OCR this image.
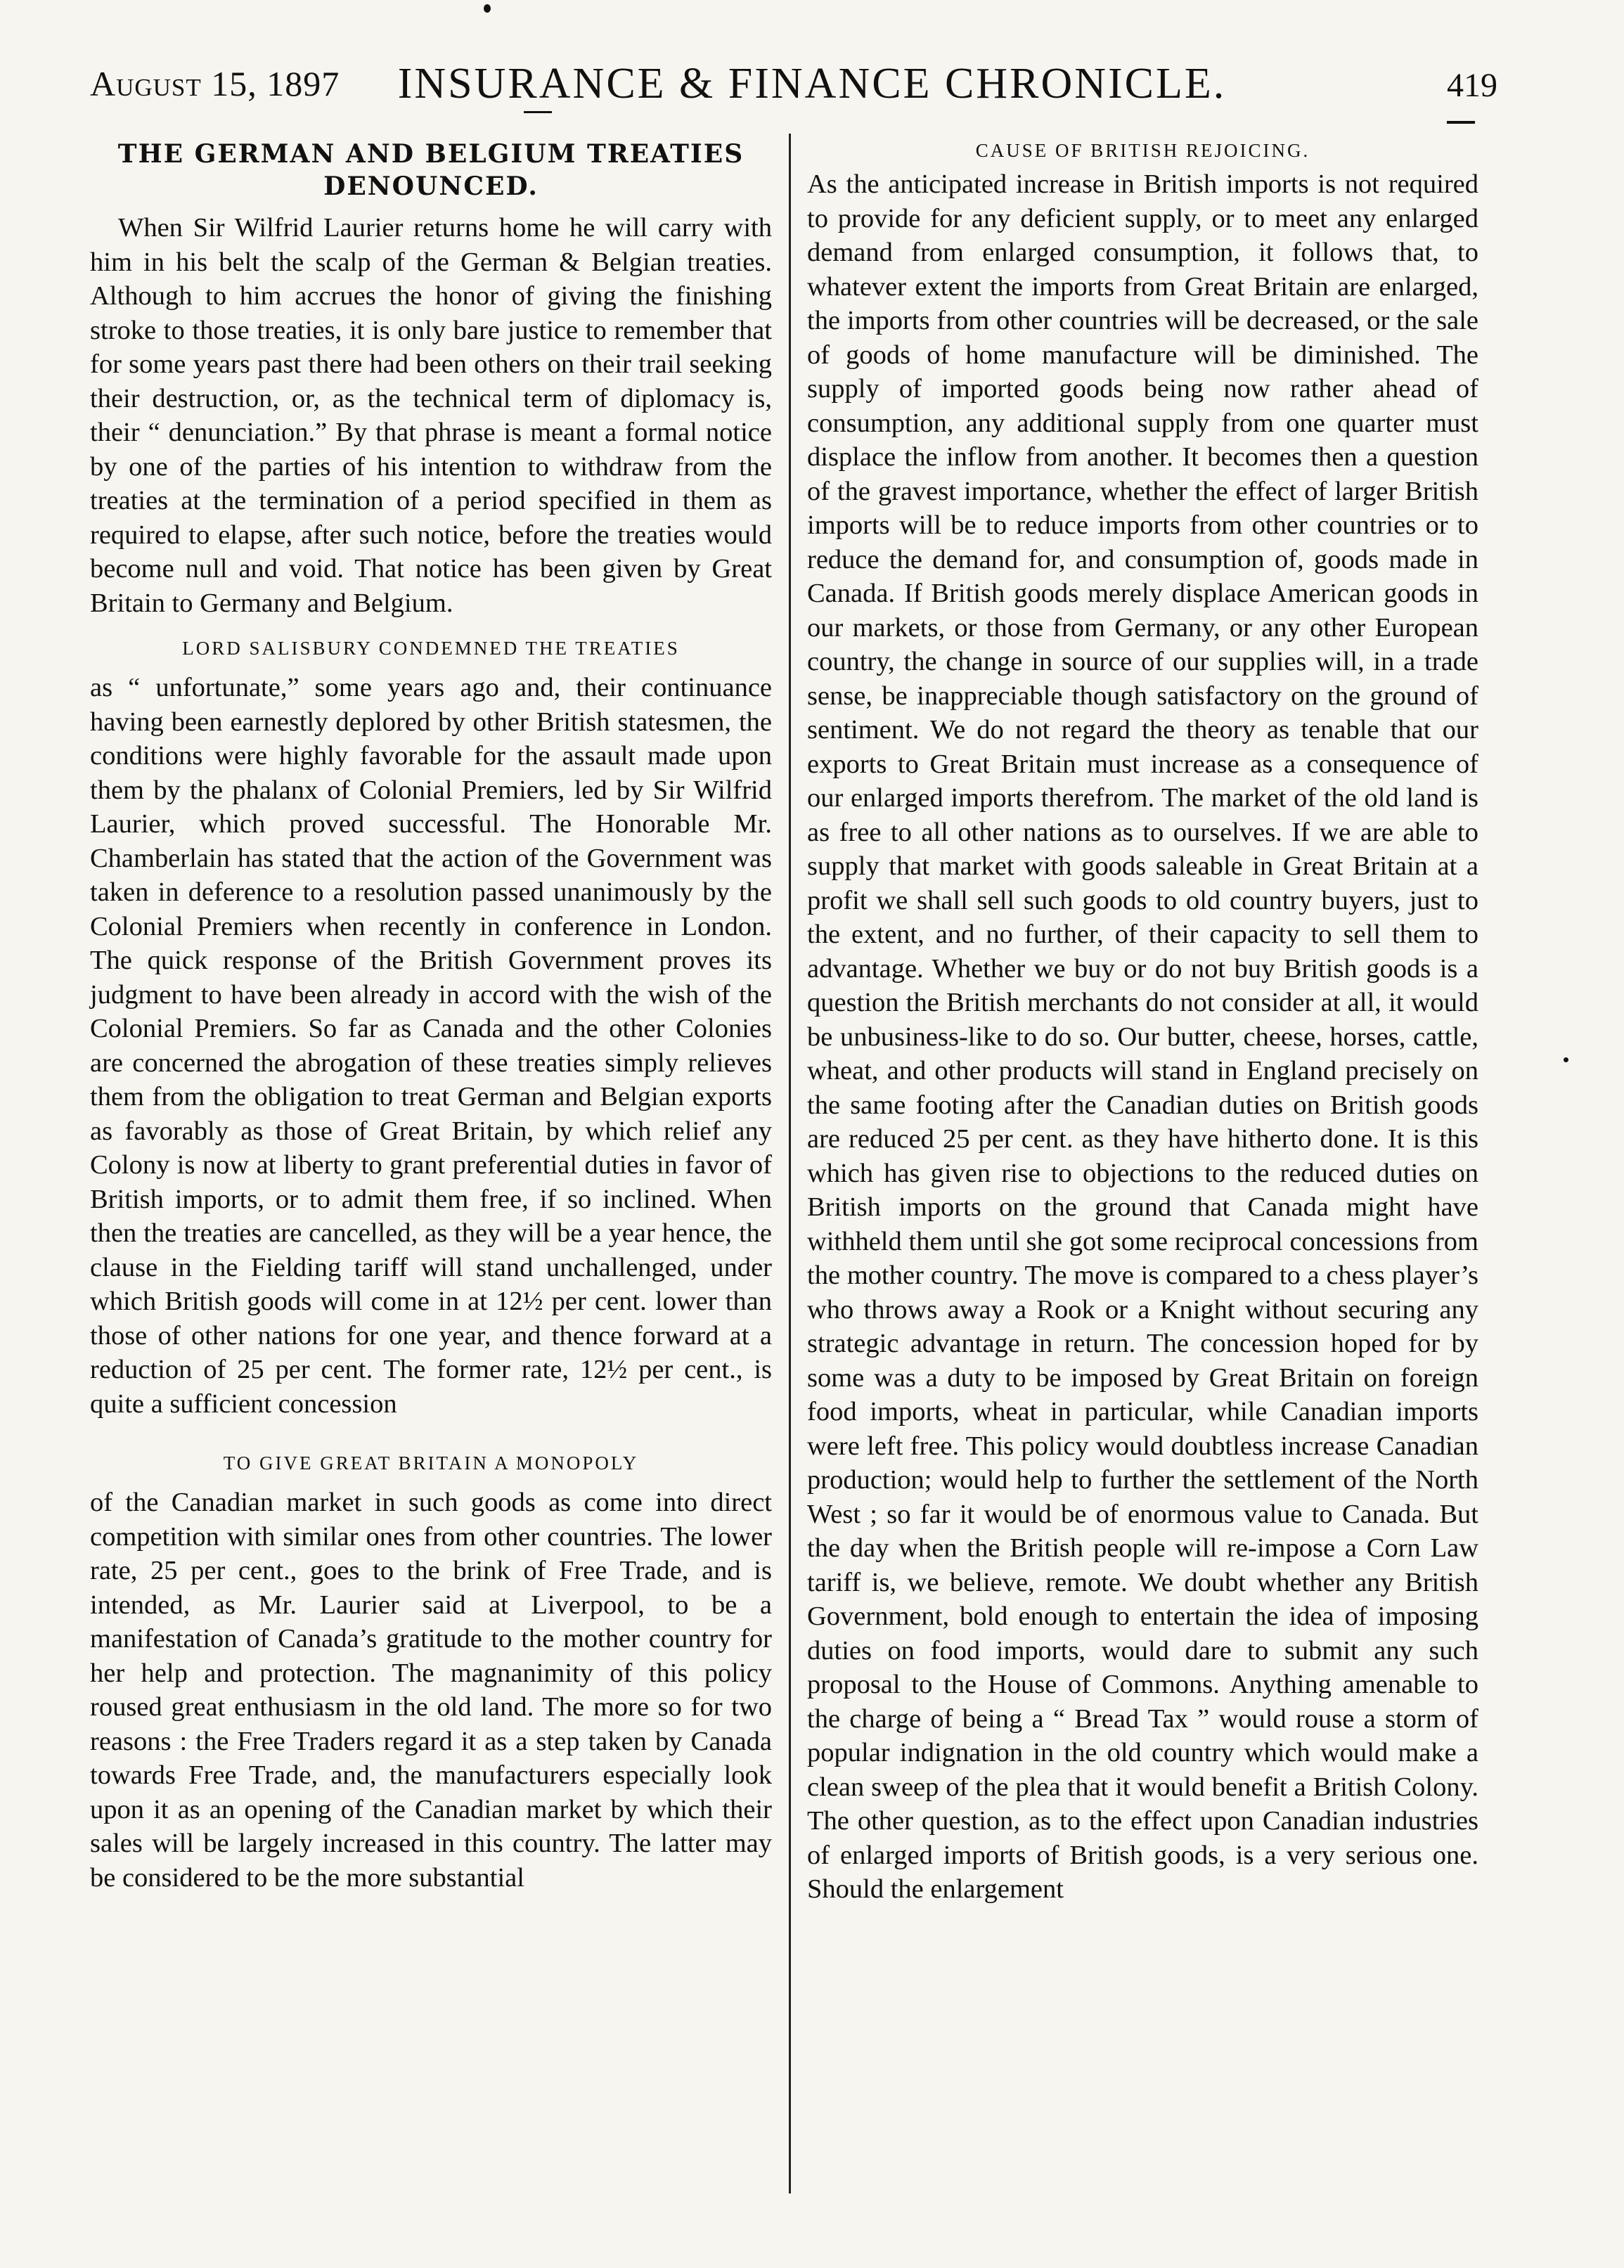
August 15, 1897	INSURANCE & FINANCE CHRONICLE.	419
THE GERMAN AND BELGIUM TREATIES DENOUNCED.

When Sir Wilfrid Laurier returns home he will carry with him in his belt the scalp of the German & Belgian treaties. Although to him accrues the honor of giving the finishing stroke to those treaties, it is only bare justice to remember that for some years past there had been others on their trail seeking their destruction, or, as the technical term of diplomacy is, their “ denunciation.” By that phrase is meant a formal notice by one of the parties of his intention to withdraw from the treaties at the termination of a period specified in them as required to elapse, after such notice, before the treaties would become null and void. That notice has been given by Great Britain to Germany and Belgium.

LORD SALISBURY CONDEMNED THE TREATIES

as “ unfortunate,” some years ago and, their continuance having been earnestly deplored by other British statesmen, the conditions were highly favorable for the assault made upon them by the phalanx of Colonial Premiers, led by Sir Wilfrid Laurier, which proved successful. The Honorable Mr. Chamberlain has stated that the action of the Government was taken in deference to a resolution passed unanimously by the Colonial Premiers when recently in conference in London. The quick response of the British Government proves its judgment to have been already in accord with the wish of the Colonial Premiers. So far as Canada and the other Colonies are concerned the abrogation of these treaties simply relieves them from the obligation to treat German and Belgian exports as favorably as those of Great Britain, by which relief any Colony is now at liberty to grant preferential duties in favor of British imports, or to admit them free, if so inclined. When then the treaties are cancelled, as they will be a year hence, the clause in the Fielding tariff will stand unchallenged, under which British goods will come in at 12½ per cent. lower than those of other nations for one year, and thence forward at a reduction of 25 per cent. The former rate, 12½ per cent., is quite a sufficient concession

TO GIVE GREAT BRITAIN A MONOPOLY

of the Canadian market in such goods as come into direct competition with similar ones from other countries. The lower rate, 25 per cent., goes to the brink of Free Trade, and is intended, as Mr. Laurier said at Liverpool, to be a manifestation of Canada’s gratitude to the mother country for her help and protection. The magnanimity of this policy roused great enthusiasm in the old land. The more so for two reasons : the Free Traders regard it as a step taken by Canada towards Free Trade, and, the manufacturers especially look upon it as an opening of the Canadian market by which their sales will be largely increased in this country. The latter may be considered to be the more substantial

CAUSE OF BRITISH REJOICING.

As the anticipated increase in British imports is not required to provide for any deficient supply, or to meet any enlarged demand from enlarged consumption, it follows that, to whatever extent the imports from Great Britain are enlarged, the imports from other countries will be decreased, or the sale of goods of home manufacture will be diminished. The supply of imported goods being now rather ahead of consumption, any additional supply from one quarter must displace the inflow from another. It becomes then a question of the gravest importance, whether the effect of larger British imports will be to reduce imports from other countries or to reduce the demand for, and consumption of, goods made in Canada. If British goods merely displace American goods in our markets, or those from Germany, or any other European country, the change in source of our supplies will, in a trade sense, be inappreciable though satisfactory on the ground of sentiment. We do not regard the theory as tenable that our exports to Great Britain must increase as a consequence of our enlarged imports therefrom. The market of the old land is as free to all other nations as to ourselves. If we are able to supply that market with goods saleable in Great Britain at a profit we shall sell such goods to old country buyers, just to the extent, and no further, of their capacity to sell them to advantage. Whether we buy or do not buy British goods is a question the British merchants do not consider at all, it would be unbusiness-like to do so. Our butter, cheese, horses, cattle, wheat, and other products will stand in England precisely on the same footing after the Canadian duties on British goods are reduced 25 per cent. as they have hitherto done. It is this which has given rise to objections to the reduced duties on British imports on the ground that Canada might have withheld them until she got some reciprocal concessions from the mother country. The move is compared to a chess player’s who throws away a Rook or a Knight without securing any strategic advantage in return. The concession hoped for by some was a duty to be imposed by Great Britain on foreign food imports, wheat in particular, while Canadian imports were left free. This policy would doubtless increase Canadian production; would help to further the settlement of the North West ; so far it would be of enormous value to Canada. But the day when the British people will re-impose a Corn Law tariff is, we believe, remote. We doubt whether any British Government, bold enough to entertain the idea of imposing duties on food imports, would dare to submit any such proposal to the House of Commons. Anything amenable to the charge of being a “ Bread Tax ” would rouse a storm of popular indignation in the old country which would make a clean sweep of the plea that it would benefit a British Colony. The other question, as to the effect upon Canadian industries of enlarged imports of British goods, is a very serious one. Should the enlargement
